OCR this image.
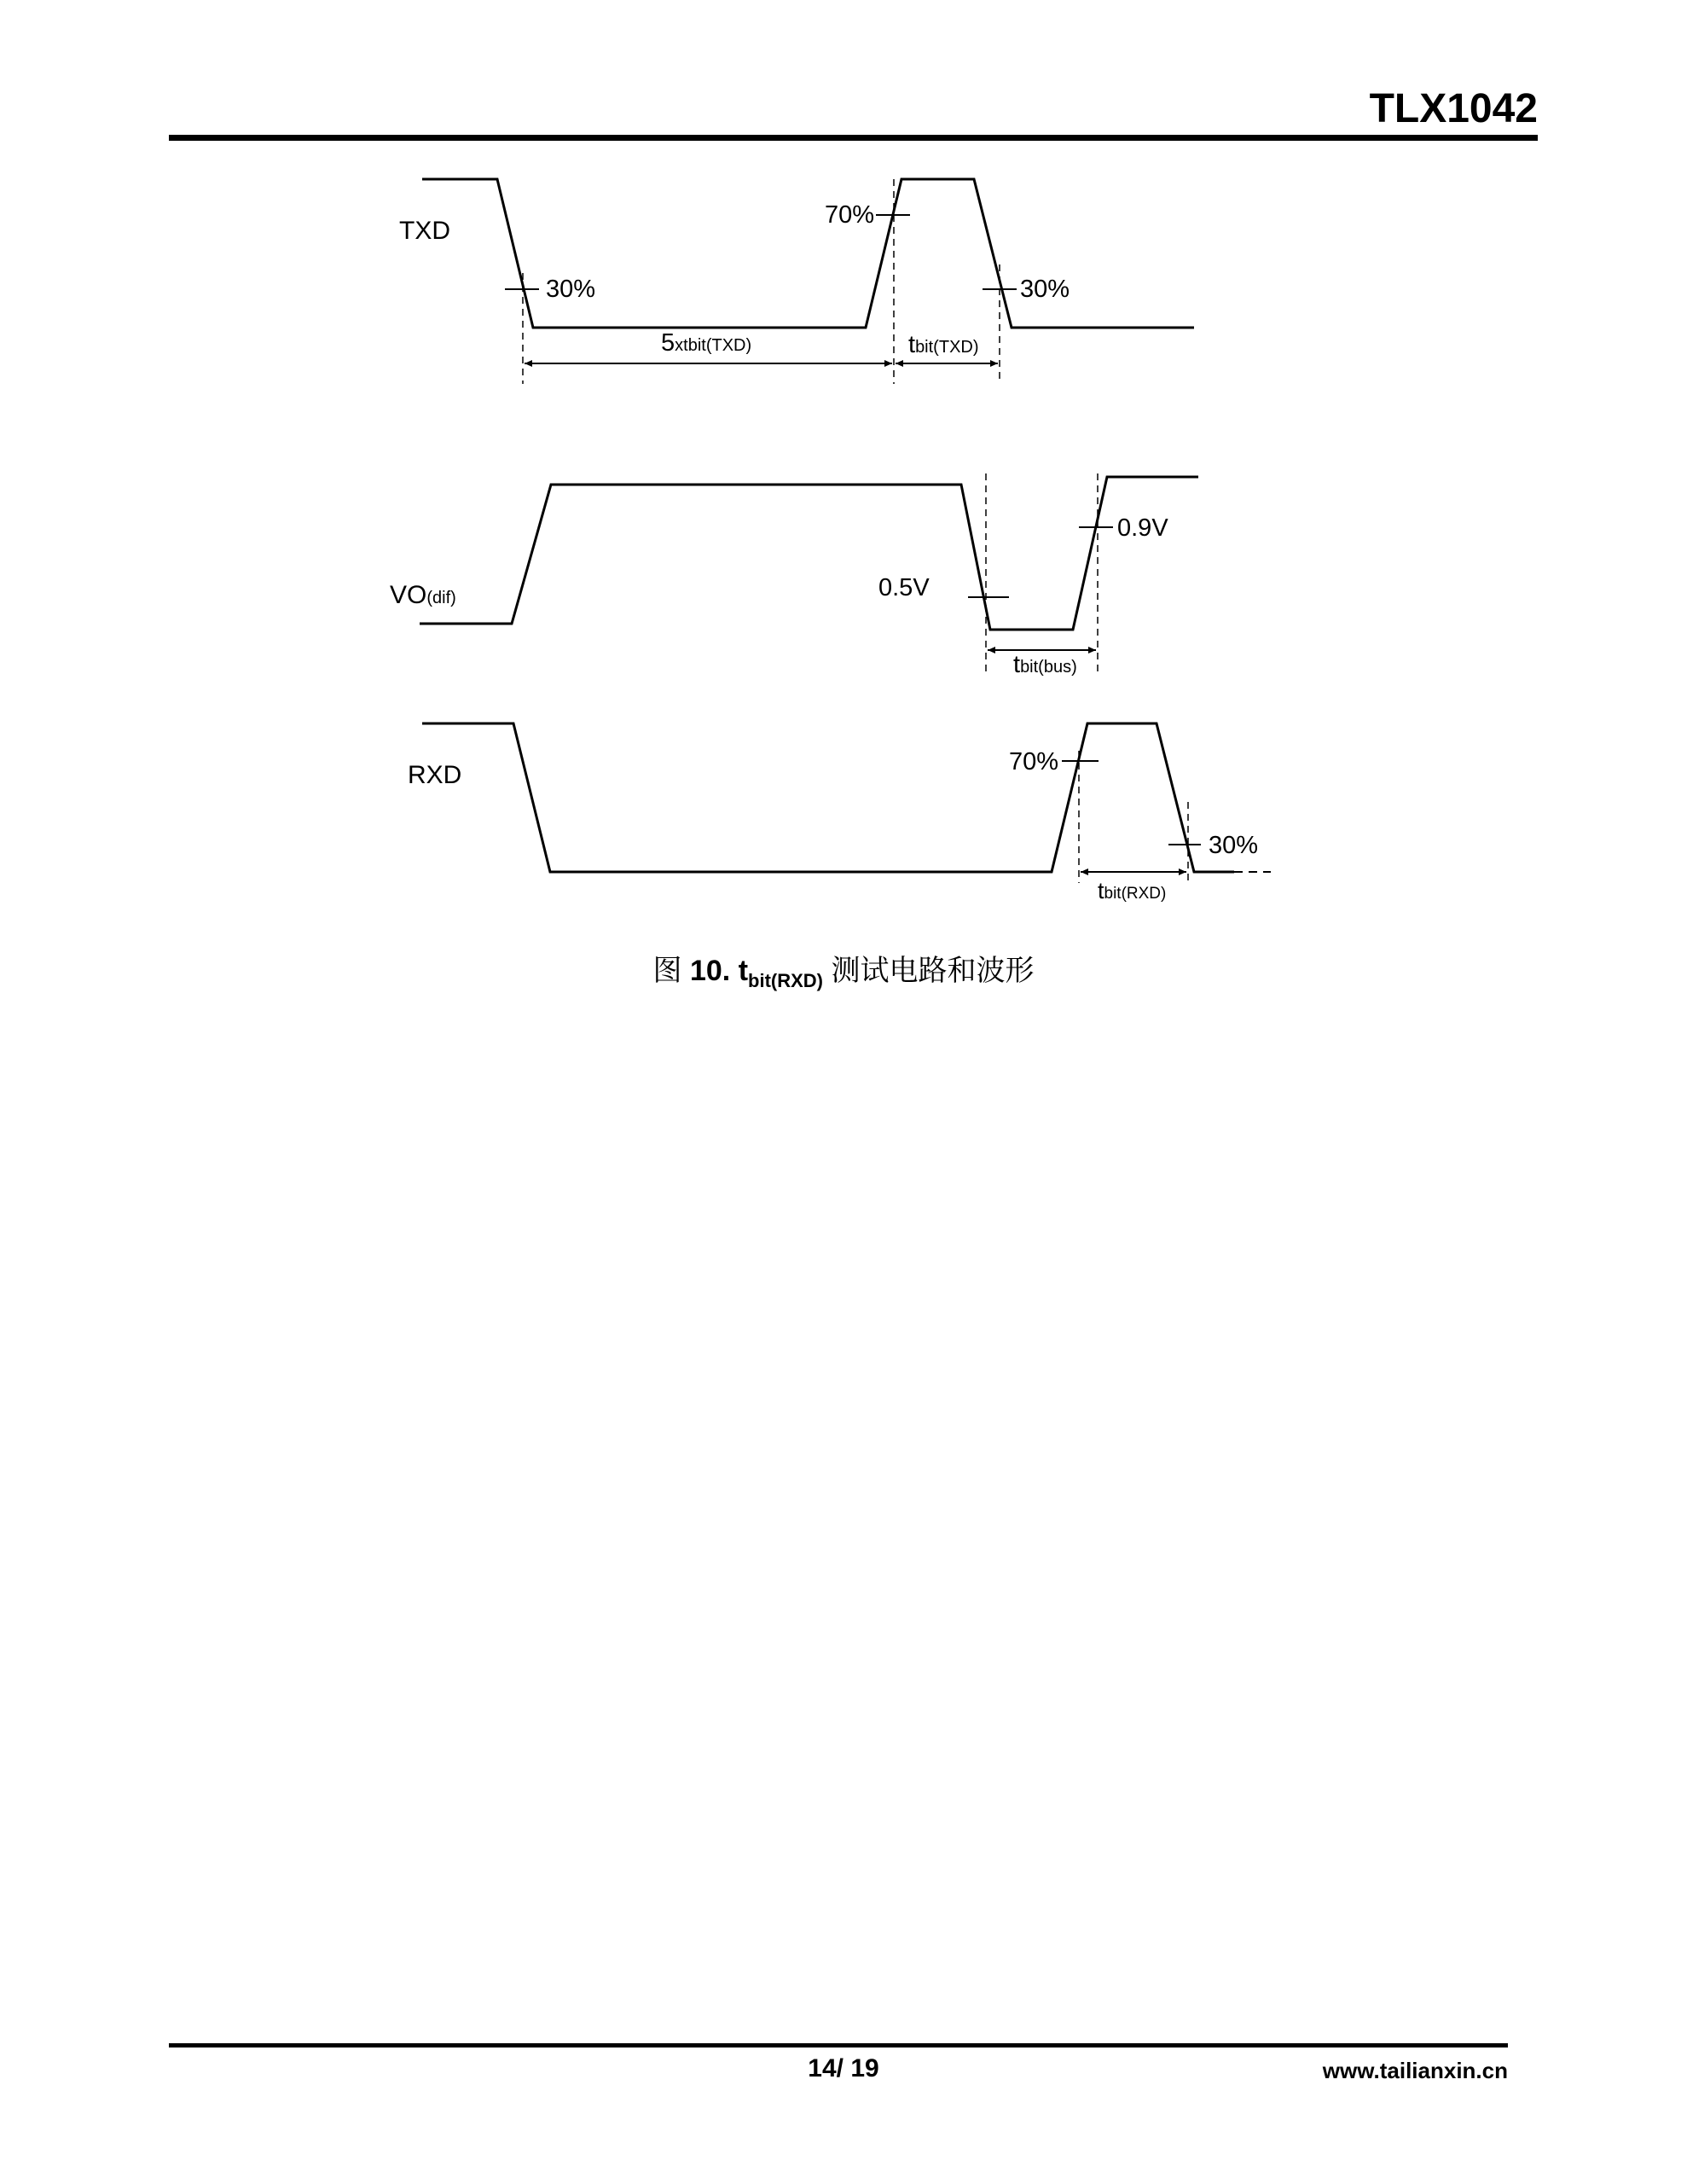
TLX1042
TXD
30%
70%
30%
5xtbit(TXD)	tbit(TXD)
VO(dif)	0.5V
0.9V
tbit(bus)
RXD	70%
30%
tbit(RXD)
图 10. $t_{bit(RXD)}$ 测试电路和波形
14/ 19	www.tailianxin.cn
